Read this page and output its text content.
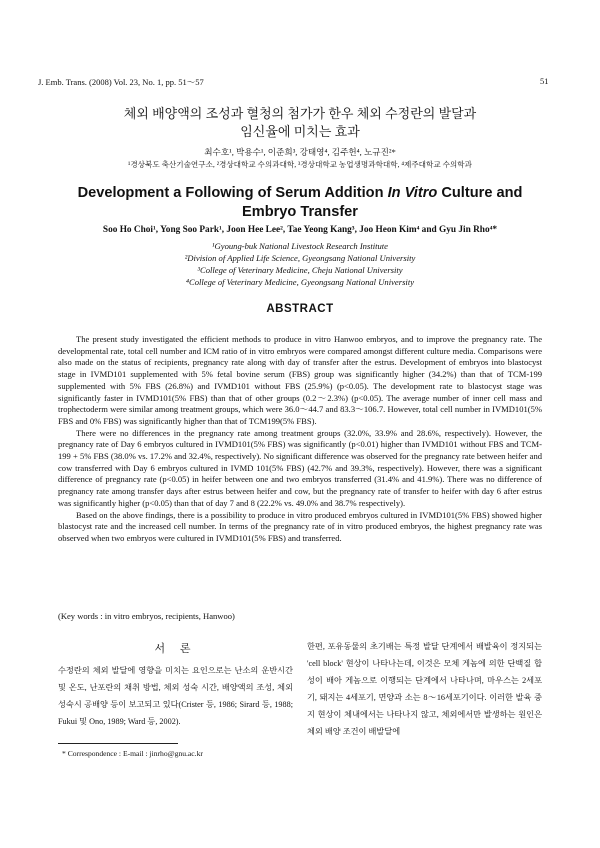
J. Emb. Trans. (2008) Vol. 23, No. 1, pp. 51～57	51
체외 배양액의 조성과 혈청의 첨가가 한우 체외 수정란의 발달과
임신율에 미치는 효과
최수호¹, 박용수¹, 이준희³, 강태영⁴, 김주헌⁴, 노규진²*
¹경상북도 축산기술연구소, ²경상대학교 수의과대학, ³경상대학교 농업생명과학대학, ⁴제주대학교 수의학과
Development a Following of Serum Addition In Vitro Culture and
Embryo Transfer
Soo Ho Choi¹, Yong Soo Park¹, Joon Hee Lee², Tae Yeong Kang³, Joo Heon Kim⁴ and Gyu Jin Rho⁴*
¹Gyoung-buk National Livestock Research Institute
²Division of Applied Life Science, Gyeongsang National University
³College of Veterinary Medicine, Cheju National University
⁴College of Veterinary Medicine, Gyeongsang National University
ABSTRACT

The present study investigated the efficient methods to produce in vitro Hanwoo embryos, and to improve the pregnancy rate. The developmental rate, total cell number and ICM ratio of in vitro embryos were compared amongst different culture media. Comparisons were also made on the status of recipients, pregnancy rate along with day of transfer after the estrus. Development of embryos into blastocyst stage in IVMD101 supplemented with 5% fetal bovine serum (FBS) group was significantly higher (34.2%) than that of TCM-199 supplemented with 5% FBS (26.8%) and IVMD101 without FBS (25.9%) (p<0.05). The development rate to blastocyst stage was significantly faster in IVMD101(5% FBS) than that of other groups (0.2～2.3%) (p<0.05). The average number of inner cell mass and trophectoderm were similar among treatment groups, which were 36.0～44.7 and 83.3～106.7. However, total cell number in IVMD101(5% FBS and 0% FBS) was significantly higher than that of TCM199(5% FBS).

There were no differences in the pregnancy rate among treatment groups (32.0%, 33.9% and 28.6%, respectively). However, the pregnancy rate of Day 6 embryos cultured in IVMD101(5% FBS) was significantly (p<0.01) higher than IVMD101 without FBS and TCM-199 + 5% FBS (38.0% vs. 17.2% and 32.4%, respectively). No significant difference was observed for the pregnancy rate between heifer and cow transferred with Day 6 embryos cultured in IVMD 101(5% FBS) (42.7% and 39.3%, respectively). However, there was a significant difference of pregnancy rate (p<0.05) in heifer between one and two embryos transferred (31.4% and 41.9%). There was no difference of pregnancy rate among transfer days after estrus between heifer and cow, but the pregnancy rate of transfer to heifer with day 6 after estrus was significantly higher (p<0.05) than that of day 7 and 8 (22.2% vs. 49.0% and 38.7% respectively).

Based on the above findings, there is a possibility to produce in vitro produced embryos cultured in IVMD101(5% FBS) showed higher blastocyst rate and the increased cell number. In terms of the pregnancy rate of in vitro produced embryos, the highest pregnancy rate was observed when two embryos were cultured in IVMD101(5% FBS) and transferred.

(Key words : in vitro embryos, recipients, Hanwoo)
서 론

수정란의 체외 발달에 영향을 미치는 요인으로는 난소의 운반시간 및 온도, 난포란의 채취 방법, 체외 성숙 시간, 배양액의 조성, 체외 성숙시 공배양 등이 보고되고 있다(Crister 등, 1986; Sirard 등, 1988; Fukui 및 Ono, 1989; Ward 등, 2002).

한편, 포유동물의 초기배는 특정 발달 단계에서 배발육이 정지되는 'cell block' 현상이 나타나는데, 이것은 모체 게놈에 의한 단백질 합성이 배아 게놈으로 이행되는 단계에서 나타나며, 마우스는 2세포기, 돼지는 4세포기, 면양과 소는 8～16세포기이다. 이러한 발육 중지 현상이 체내에서는 나타나지 않고, 체외에서만 발생하는 원인은 체외 배양 조건이 배발달에

* Correspondence : E-mail : jinrho@gnu.ac.kr
